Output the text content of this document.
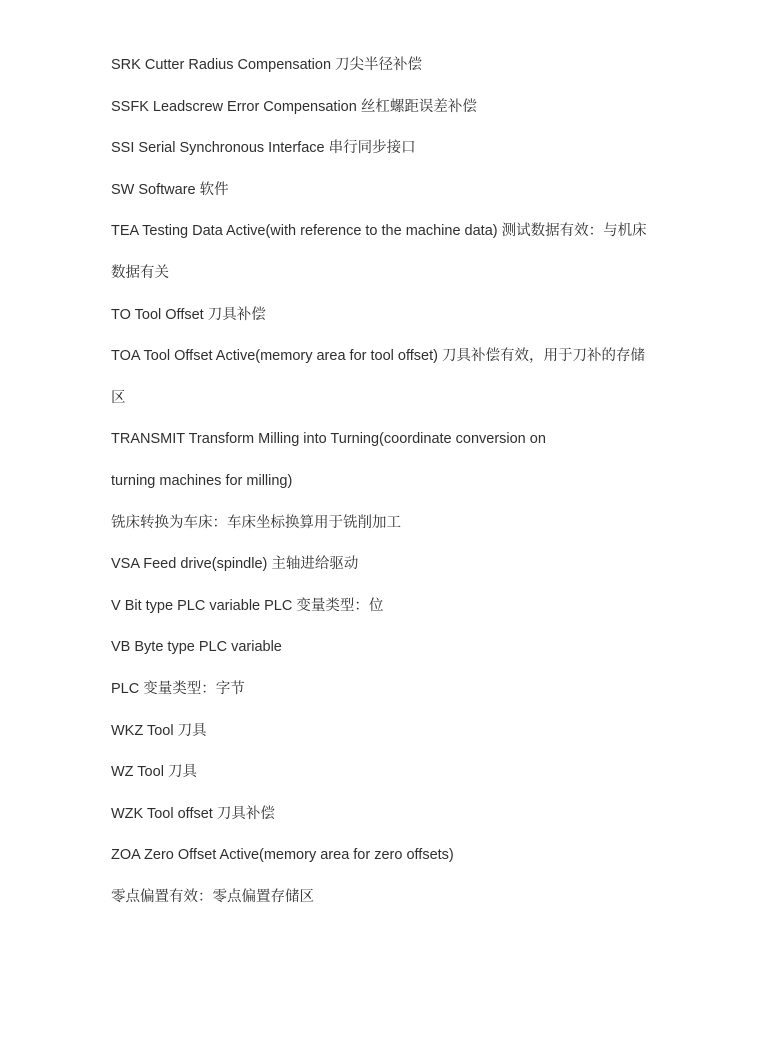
SRK Cutter Radius Compensation 刀尖半径补偿
SSFK Leadscrew Error Compensation 丝杠螺距误差补偿
SSI Serial Synchronous Interface 串行同步接口
SW Software 软件
TEA Testing Data Active(with reference to the machine data) 测试数据有效：与机床
数据有关
TO Tool Offset 刀具补偿
TOA Tool Offset Active(memory area for tool offset) 刀具补偿有效，用于刀补的存储
区
TRANSMIT Transform Milling into Turning(coordinate conversion on
turning machines for milling)
铣床转换为车床：车床坐标换算用于铣削加工
VSA Feed drive(spindle) 主轴进给驱动
V Bit type PLC variable PLC 变量类型：位
VB Byte type PLC variable
PLC 变量类型：字节
WKZ Tool 刀具
WZ Tool 刀具
WZK Tool offset 刀具补偿
ZOA Zero Offset Active(memory area for zero offsets)
零点偏置有效：零点偏置存储区
